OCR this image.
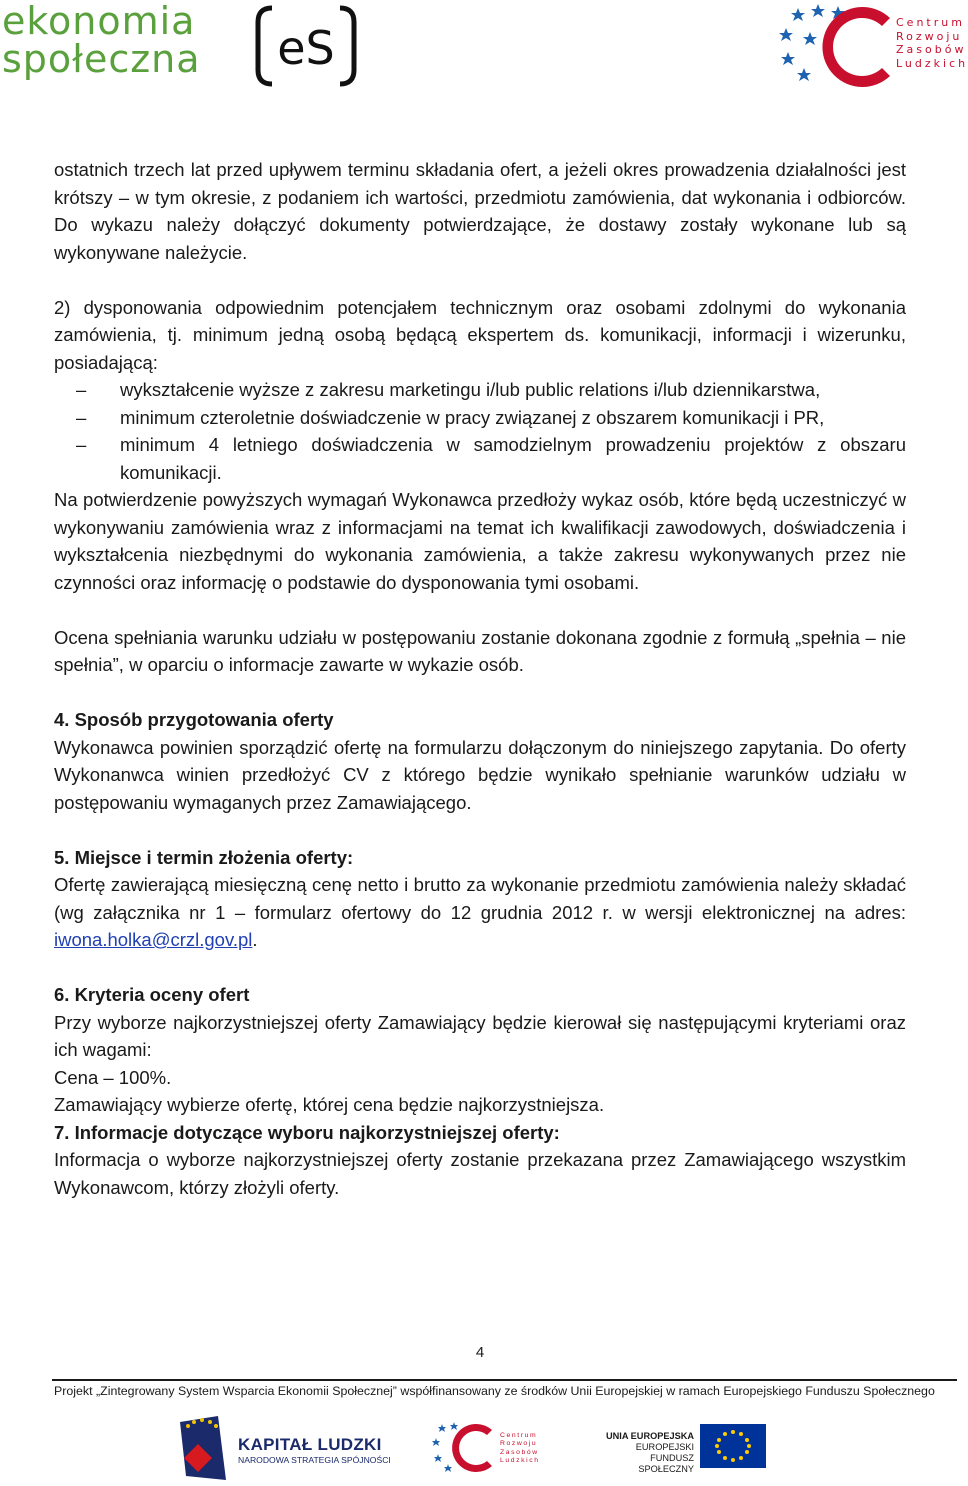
ekonomia
społeczna eS	Centrum
Rozwoju
Zasobów
Ludzkich

ostatnich trzech lat przed upływem terminu składania ofert, a jeżeli okres prowadzenia działalności jest krótszy – w tym okresie, z podaniem ich wartości, przedmiotu zamówienia, dat wykonania i odbiorców. Do wykazu należy dołączyć dokumenty potwierdzające, że dostawy zostały wykonane lub są wykonywane należycie.

2) dysponowania odpowiednim potencjałem technicznym oraz osobami zdolnymi do wykonania zamówienia, tj. minimum jedną osobą będącą ekspertem ds. komunikacji, informacji i wizerunku, posiadającą:

– wykształcenie wyższe z zakresu marketingu i/lub public relations i/lub dziennikarstwa,
– minimum czteroletnie doświadczenie w pracy związanej z obszarem komunikacji i PR,
– minimum 4 letniego doświadczenia w samodzielnym prowadzeniu projektów z obszaru komunikacji.

Na potwierdzenie powyższych wymagań Wykonawca przedłoży wykaz osób, które będą uczestniczyć w wykonywaniu zamówienia wraz z informacjami na temat ich kwalifikacji zawodowych, doświadczenia i wykształcenia niezbędnymi do wykonania zamówienia, a także zakresu wykonywanych przez nie czynności oraz informację o podstawie do dysponowania tymi osobami.

Ocena spełniania warunku udziału w postępowaniu zostanie dokonana zgodnie z formułą „spełnia – nie spełnia”, w oparciu o informacje zawarte w wykazie osób.

4. Sposób przygotowania oferty

Wykonawca powinien sporządzić ofertę na formularzu dołączonym do niniejszego zapytania. Do oferty Wykonanwca winien przedłożyć CV z którego będzie wynikało spełnianie warunków udziału w postępowaniu wymaganych przez Zamawiającego.

5. Miejsce i termin złożenia oferty:

Ofertę zawierającą miesięczną cenę netto i brutto za wykonanie przedmiotu zamówienia należy składać (wg załącznika nr 1 – formularz ofertowy do 12 grudnia 2012 r. w wersji elektronicznej na adres: iwona.holka@crzl.gov.pl.

6. Kryteria oceny ofert

Przy wyborze najkorzystniejszej oferty Zamawiający będzie kierował się następującymi kryteriami oraz ich wagami:

Cena – 100%.

Zamawiający wybierze ofertę, której cena będzie najkorzystniejsza.

7. Informacje dotyczące wyboru najkorzystniejszej oferty:

Informacja o wyborze najkorzystniejszej oferty zostanie przekazana przez Zamawiającego wszystkim Wykonawcom, którzy złożyli oferty.

4
Projekt „Zintegrowany System Wsparcia Ekonomii Społecznej” współfinansowany ze środków Unii Europejskiej w ramach Europejskiego Funduszu Społecznego
KAPITAŁ LUDZKI
NARODOWA STRATEGIA SPÓJNOŚCI
Centrum
Rozwoju
Zasobów
Ludzkich
UNIA EUROPEJSKA
EUROPEJSKI
FUNDUSZ SPOŁECZNY
